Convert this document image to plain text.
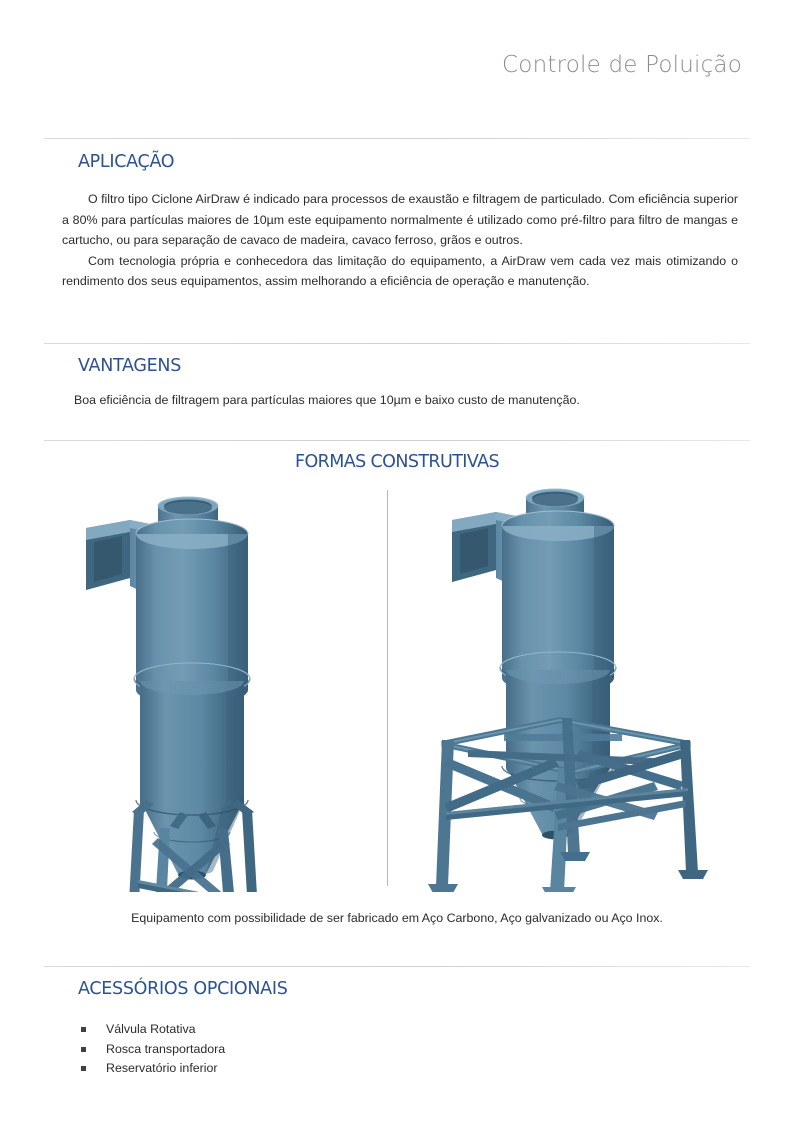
Controle de Poluição
APLICAÇÃO

O filtro tipo Ciclone AirDraw é indicado para processos de exaustão e filtragem de particulado. Com eficiência superior a 80% para partículas maiores de 10µm este equipamento normalmente é utilizado como pré-filtro para filtro de mangas e cartucho, ou para separação de cavaco de madeira, cavaco ferroso, grãos e outros.

Com tecnologia própria e conhecedora das limitação do equipamento, a AirDraw vem cada vez mais otimizando o rendimento dos seus equipamentos, assim melhorando a eficiência de operação e manutenção.

VANTAGENS

Boa eficiência de filtragem para partículas maiores que 10µm e baixo custo de manutenção.

FORMAS CONSTRUTIVAS

Equipamento com possibilidade de ser fabricado em Aço Carbono, Aço galvanizado ou Aço Inox.

ACESSÓRIOS OPCIONAIS
Válvula Rotativa
Rosca transportadora
Reservatório inferior
